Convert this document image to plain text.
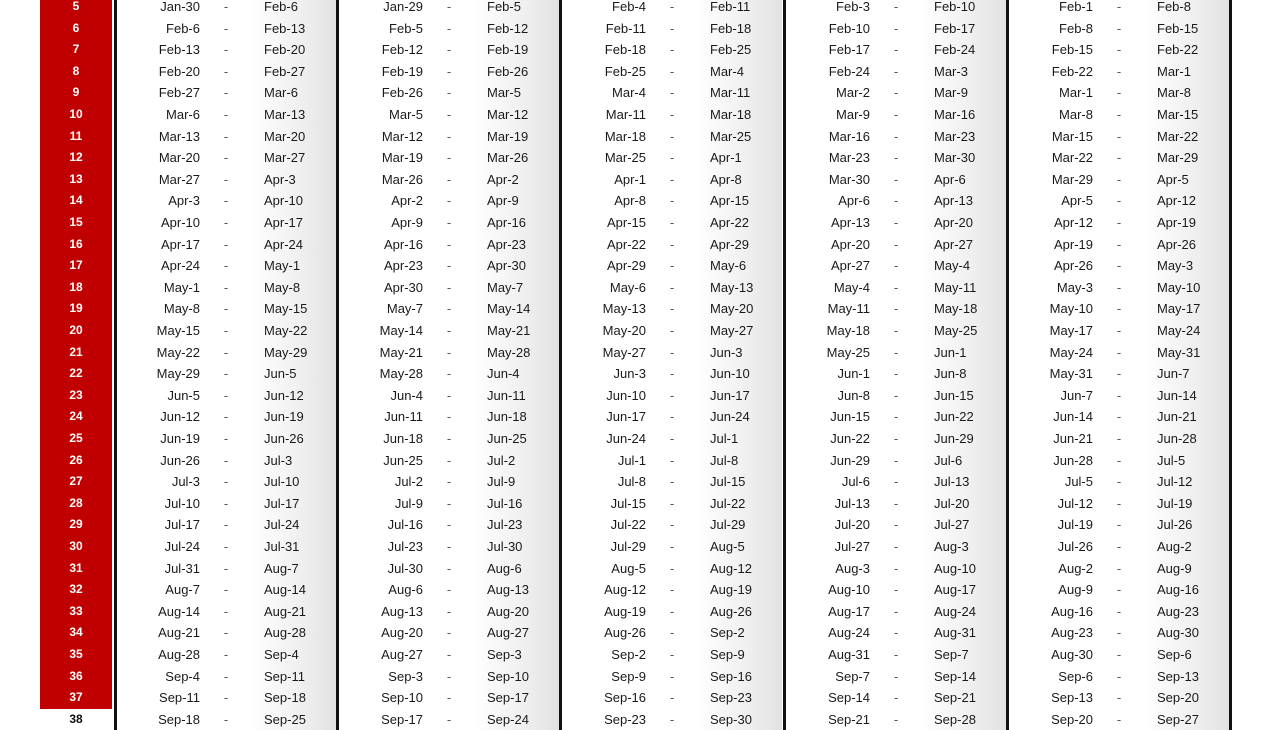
5	Jan-30 -	Feb-6	Jan-29 -	Feb-5	Feb-4 -	Feb-11	Feb-3 -	Feb-10	Feb-1 -	Feb-8
6	Feb-6 -	Feb-13	Feb-5 -	Feb-12	Feb-11 -	Feb-18	Feb-10 -	Feb-17	Feb-8 -	Feb-15
7	Feb-13 -	Feb-20	Feb-12 -	Feb-19	Feb-18 -	Feb-25	Feb-17 -	Feb-24	Feb-15 -	Feb-22
8	Feb-20 -	Feb-27	Feb-19 -	Feb-26	Feb-25 -	Mar-4	Feb-24 -	Mar-3	Feb-22 -	Mar-1
9	Feb-27 -	Mar-6	Feb-26 -	Mar-5	Mar-4 -	Mar-11	Mar-2 -	Mar-9	Mar-1 -	Mar-8
10	Mar-6 -	Mar-13	Mar-5 -	Mar-12	Mar-11 -	Mar-18	Mar-9 -	Mar-16	Mar-8 -	Mar-15
11	Mar-13 -	Mar-20	Mar-12 -	Mar-19	Mar-18 -	Mar-25	Mar-16 -	Mar-23	Mar-15 -	Mar-22
12	Mar-20 -	Mar-27	Mar-19 -	Mar-26	Mar-25 -	Apr-1	Mar-23 -	Mar-30	Mar-22 -	Mar-29
13	Mar-27 -	Apr-3	Mar-26 -	Apr-2	Apr-1 -	Apr-8	Mar-30 -	Apr-6	Mar-29 -	Apr-5
14	Apr-3 -	Apr-10	Apr-2 -	Apr-9	Apr-8 -	Apr-15	Apr-6 -	Apr-13	Apr-5 -	Apr-12
15	Apr-10 -	Apr-17	Apr-9 -	Apr-16	Apr-15 -	Apr-22	Apr-13 -	Apr-20	Apr-12 -	Apr-19
16	Apr-17 -	Apr-24	Apr-16 -	Apr-23	Apr-22 -	Apr-29	Apr-20 -	Apr-27	Apr-19 -	Apr-26
17	Apr-24 -	May-1	Apr-23 -	Apr-30	Apr-29 -	May-6	Apr-27 -	May-4	Apr-26 -	May-3
18	May-1 -	May-8	Apr-30 -	May-7	May-6 -	May-13	May-4 -	May-11	May-3 -	May-10
19	May-8 -	May-15	May-7 -	May-14	May-13 -	May-20	May-11 -	May-18	May-10 -	May-17
20	May-15 -	May-22	May-14 -	May-21	May-20 -	May-27	May-18 -	May-25	May-17 -	May-24
21	May-22 -	May-29	May-21 -	May-28	May-27 -	Jun-3	May-25 -	Jun-1	May-24 -	May-31
22	May-29 -	Jun-5	May-28 -	Jun-4	Jun-3 -	Jun-10	Jun-1 -	Jun-8	May-31 -	Jun-7
23	Jun-5 -	Jun-12	Jun-4 -	Jun-11	Jun-10 -	Jun-17	Jun-8 -	Jun-15	Jun-7 -	Jun-14
24	Jun-12 -	Jun-19	Jun-11 -	Jun-18	Jun-17 -	Jun-24	Jun-15 -	Jun-22	Jun-14 -	Jun-21
25	Jun-19 -	Jun-26	Jun-18 -	Jun-25	Jun-24 -	Jul-1	Jun-22 -	Jun-29	Jun-21 -	Jun-28
26	Jun-26 -	Jul-3	Jun-25 -	Jul-2	Jul-1 -	Jul-8	Jun-29 -	Jul-6	Jun-28 -	Jul-5
27	Jul-3 -	Jul-10	Jul-2 -	Jul-9	Jul-8 -	Jul-15	Jul-6 -	Jul-13	Jul-5 -	Jul-12
28	Jul-10 -	Jul-17	Jul-9 -	Jul-16	Jul-15 -	Jul-22	Jul-13 -	Jul-20	Jul-12 -	Jul-19
29	Jul-17 -	Jul-24	Jul-16 -	Jul-23	Jul-22 -	Jul-29	Jul-20 -	Jul-27	Jul-19 -	Jul-26
30	Jul-24 -	Jul-31	Jul-23 -	Jul-30	Jul-29 -	Aug-5	Jul-27 -	Aug-3	Jul-26 -	Aug-2
31	Jul-31 -	Aug-7	Jul-30 -	Aug-6	Aug-5 -	Aug-12	Aug-3 -	Aug-10	Aug-2 -	Aug-9
32	Aug-7 -	Aug-14	Aug-6 -	Aug-13	Aug-12 -	Aug-19	Aug-10 -	Aug-17	Aug-9 -	Aug-16
33	Aug-14 -	Aug-21	Aug-13 -	Aug-20	Aug-19 -	Aug-26	Aug-17 -	Aug-24	Aug-16 -	Aug-23
34	Aug-21 -	Aug-28	Aug-20 -	Aug-27	Aug-26 -	Sep-2	Aug-24 -	Aug-31	Aug-23 -	Aug-30
35	Aug-28 -	Sep-4	Aug-27 -	Sep-3	Sep-2 -	Sep-9	Aug-31 -	Sep-7	Aug-30 -	Sep-6
36	Sep-4 -	Sep-11	Sep-3 -	Sep-10	Sep-9 -	Sep-16	Sep-7 -	Sep-14	Sep-6 -	Sep-13
37	Sep-11 -	Sep-18	Sep-10 -	Sep-17	Sep-16 -	Sep-23	Sep-14 -	Sep-21	Sep-13 -	Sep-20
38	Sep-18 -	Sep-25	Sep-17 -	Sep-24	Sep-23 -	Sep-30	Sep-21 -	Sep-28	Sep-20 -	Sep-27
